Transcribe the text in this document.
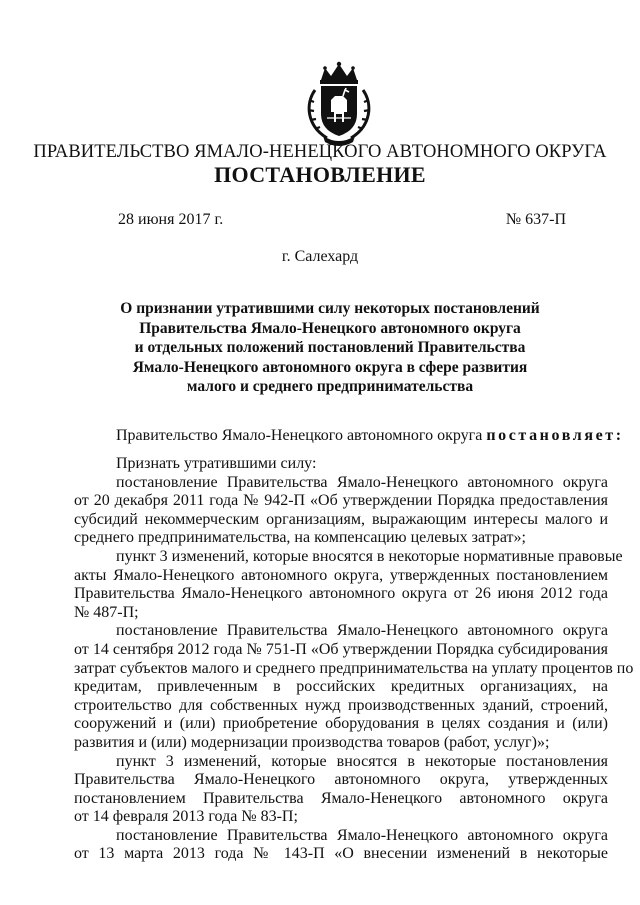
ПРАВИТЕЛЬСТВО ЯМАЛО-НЕНЕЦКОГО АВТОНОМНОГО ОКРУГА
ПОСТАНОВЛЕНИЕ
28 июня 2017 г.	№ 637-П
г. Салехард
О признании утратившими силу некоторых постановлений
Правительства Ямало-Ненецкого автономного округа
и отдельных положений постановлений Правительства
Ямало-Ненецкого автономного округа в сфере развития
малого и среднего предпринимательства
Правительство Ямало-Ненецкого автономного округа постановляет:
Признать утратившими силу:
постановление Правительства Ямало-Ненецкого автономного округа
от 20 декабря 2011 года № 942-П «Об утверждении Порядка предоставления
субсидий некоммерческим организациям, выражающим интересы малого и
среднего предпринимательства, на компенсацию целевых затрат»;
пункт 3 изменений, которые вносятся в некоторые нормативные правовые
акты Ямало-Ненецкого автономного округа, утвержденных постановлением
Правительства Ямало-Ненецкого автономного округа от 26 июня 2012 года
№ 487-П;
постановление Правительства Ямало-Ненецкого автономного округа
от 14 сентября 2012 года № 751-П «Об утверждении Порядка субсидирования
затрат субъектов малого и среднего предпринимательства на уплату процентов по
кредитам, привлеченным в российских кредитных организациях, на
строительство для собственных нужд производственных зданий, строений,
сооружений и (или) приобретение оборудования в целях создания и (или)
развития и (или) модернизации производства товаров (работ, услуг)»;
пункт 3 изменений, которые вносятся в некоторые постановления
Правительства Ямало-Ненецкого автономного округа, утвержденных
постановлением Правительства Ямало-Ненецкого автономного округа
от 14 февраля 2013 года № 83-П;
постановление Правительства Ямало-Ненецкого автономного округа
от 13 марта 2013 года № 143-П «О внесении изменений в некоторые
